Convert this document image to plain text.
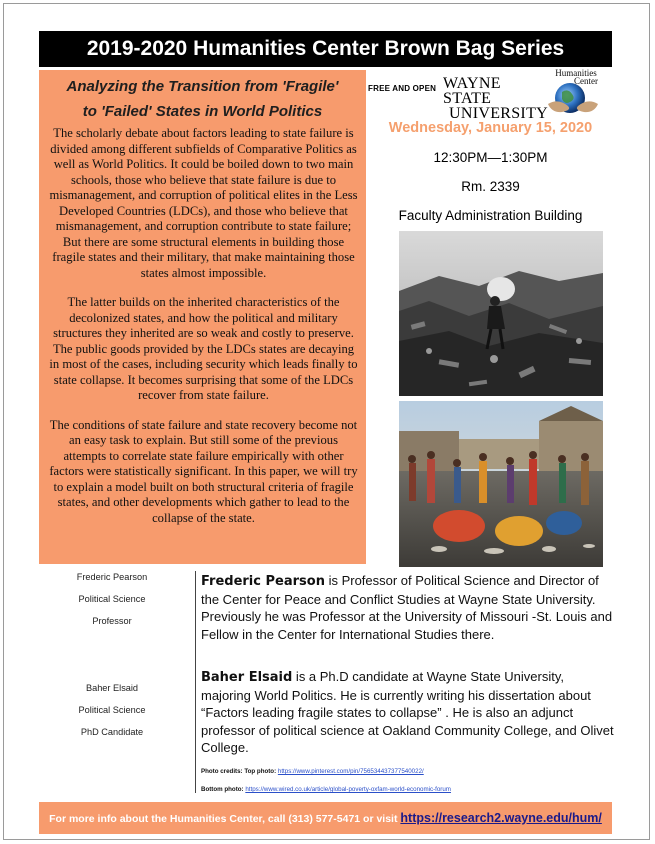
2019-2020 Humanities Center Brown Bag Series
Analyzing the Transition from 'Fragile'
to 'Failed' States in World Politics

The scholarly debate about factors leading to state failure is divided among different subfields of Comparative Politics as well as World Politics. It could be boiled down to two main schools, those who believe that state failure is due to mismanagement, and corruption of political elites in the Less Developed Countries (LDCs), and those who believe that mismanagement, and corruption contribute to state failure; But there are some structural elements in building those fragile states and their military, that make maintaining those states almost impossible.

The latter builds on the inherited characteristics of the decolonized states, and how the political and military structures they inherited are so weak and costly to preserve. The public goods provided by the LDCs states are decaying in most of the cases, including security which leads finally to state collapse. It becomes surprising that some of the LDCs recover from state failure.

The conditions of state failure and state recovery become not an easy task to explain. But still some of the previous attempts to correlate state failure empirically with other factors were statistically significant. In this paper, we will try to explain a model built on both structural criteria of fragile states, and other developments which gather to lead to the collapse of the state.

FREE AND OPEN WAYNE STATE
UNIVERSITY
Humanities
Center
Wednesday, January 15, 2020
12:30PM—1:30PM
Rm. 2339
Faculty Administration Building
Frederic Pearson
Political Science
Professor
Baher Elsaid
Political Science
PhD Candidate
Frederic Pearson is Professor of Political Science and Director of the Center for Peace and Conflict Studies at Wayne State University. Previously he was Professor at the University of Missouri -St. Louis and Fellow in the Center for International Studies there.
Baher Elsaid is a Ph.D candidate at Wayne State University, majoring World Politics. He is currently writing his dissertation about “Factors leading fragile states to collapse” . He is also an adjunct professor of political science at Oakland Community College, and Olivet College.
Photo credits: Top photo: https://www.pinterest.com/pin/756534437377540022/
Bottom photo: https://www.wired.co.uk/article/global-poverty-oxfam-world-economic-forum
For more info about the Humanities Center, call (313) 577-5471 or visit https://research2.wayne.edu/hum/
